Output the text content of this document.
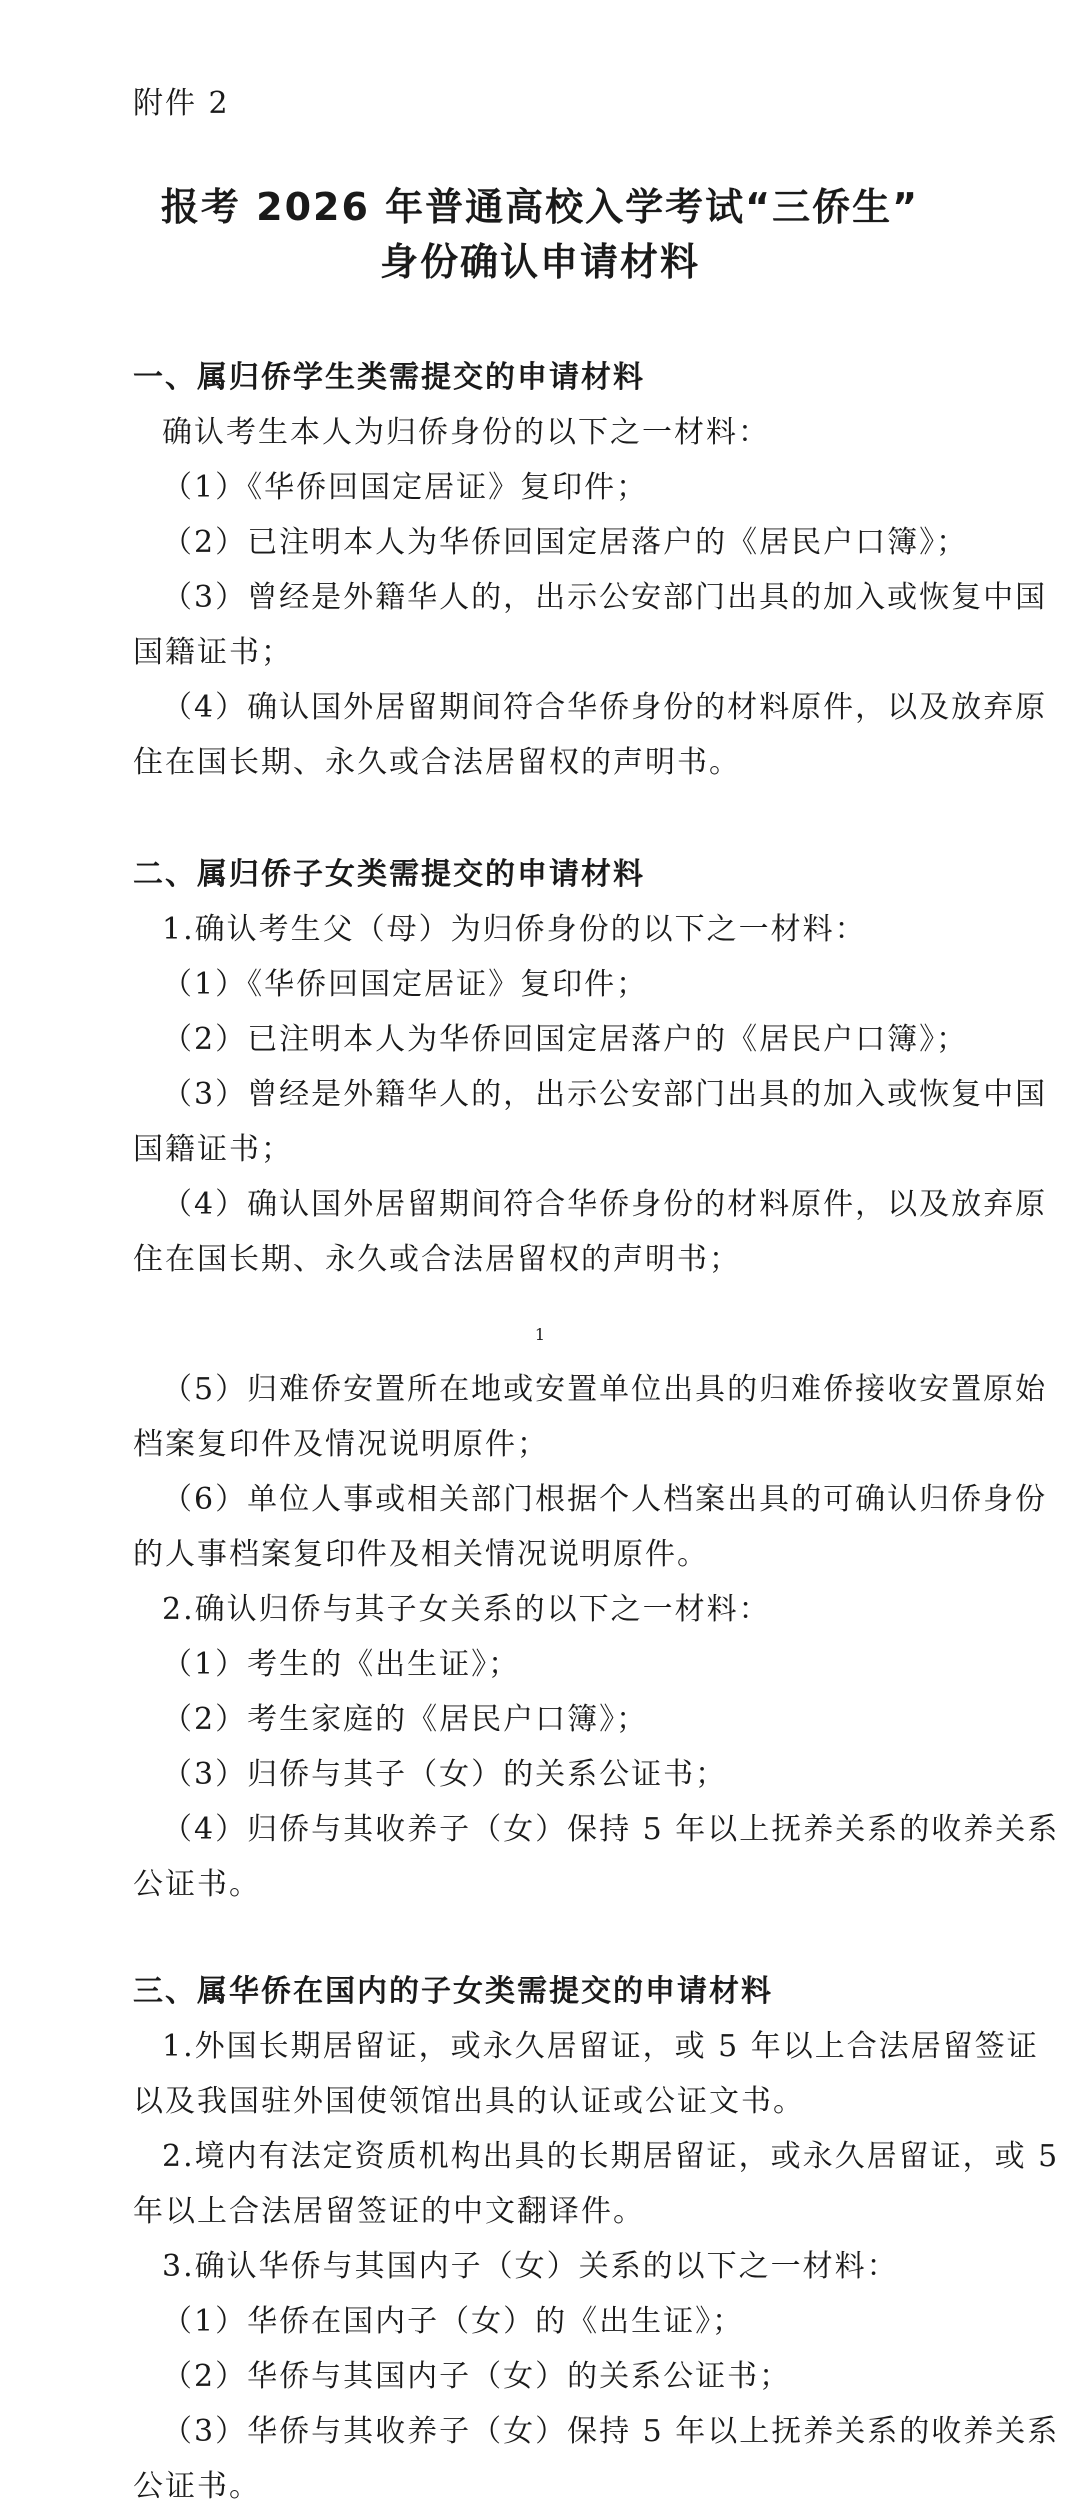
附件 2
报考 2026 年普通高校入学考试“三侨生”
身份确认申请材料
一、属归侨学生类需提交的申请材料
确认考生本人为归侨身份的以下之一材料：
（1）《华侨回国定居证》复印件；
（2）已注明本人为华侨回国定居落户的《居民户口簿》；
（3）曾经是外籍华人的，出示公安部门出具的加入或恢复中国
国籍证书；
（4）确认国外居留期间符合华侨身份的材料原件，以及放弃原
住在国长期、永久或合法居留权的声明书。
二、属归侨子女类需提交的申请材料
1.确认考生父（母）为归侨身份的以下之一材料：
（1）《华侨回国定居证》复印件；
（2）已注明本人为华侨回国定居落户的《居民户口簿》；
（3）曾经是外籍华人的，出示公安部门出具的加入或恢复中国
国籍证书；
（4）确认国外居留期间符合华侨身份的材料原件，以及放弃原
住在国长期、永久或合法居留权的声明书；
1
（5）归难侨安置所在地或安置单位出具的归难侨接收安置原始
档案复印件及情况说明原件；
（6）单位人事或相关部门根据个人档案出具的可确认归侨身份
的人事档案复印件及相关情况说明原件。
2.确认归侨与其子女关系的以下之一材料：
（1）考生的《出生证》；
（2）考生家庭的《居民户口簿》；
（3）归侨与其子（女）的关系公证书；
（4）归侨与其收养子（女）保持 5 年以上抚养关系的收养关系
公证书。
三、属华侨在国内的子女类需提交的申请材料
1.外国长期居留证，或永久居留证，或 5 年以上合法居留签证
以及我国驻外国使领馆出具的认证或公证文书。
2.境内有法定资质机构出具的长期居留证，或永久居留证，或 5
年以上合法居留签证的中文翻译件。
3.确认华侨与其国内子（女）关系的以下之一材料：
（1）华侨在国内子（女）的《出生证》；
（2）华侨与其国内子（女）的关系公证书；
（3）华侨与其收养子（女）保持 5 年以上抚养关系的收养关系
公证书。
